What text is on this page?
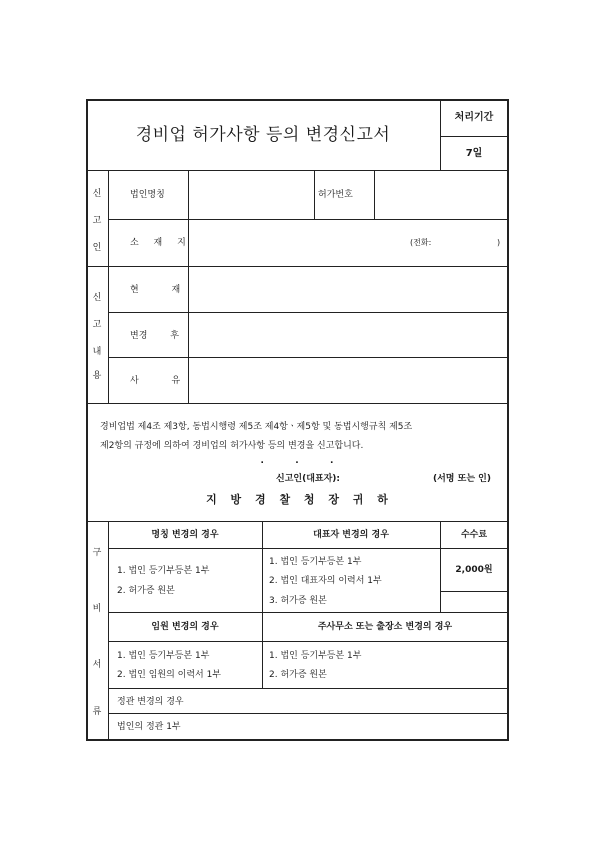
경비업 허가사항 등의 변경신고서
처리기간
7일
신
고
인
법인명칭	허가번호
소 재 지	(전화:	)
신
고
내
용
현 재
변경 후
사 유
경비업법 제4조 제3항, 동법시행령 제5조 제4항ㆍ제5항 및 동법시행규칙 제5조
제2항의 규정에 의하여 경비업의 허가사항 등의 변경을 신고합니다.
.          .          .
신고인(대표자):	(서명 또는 인)
지 방 경 찰 청 장 귀 하
구
비
서
류
명칭 변경의 경우	대표자 변경의 경우	수수료
1. 법인 등기부등본 1부
2. 허가증 원본
1. 법인 등기부등본 1부
2. 법인 대표자의 이력서 1부
3. 허가증 원본
2,000원
임원 변경의 경우	주사무소 또는 출장소 변경의 경우
1. 법인 등기부등본 1부
2. 법인 임원의 이력서 1부
1. 법인 등기부등본 1부
2. 허가증 원본
정관 변경의 경우
법인의 정관 1부
